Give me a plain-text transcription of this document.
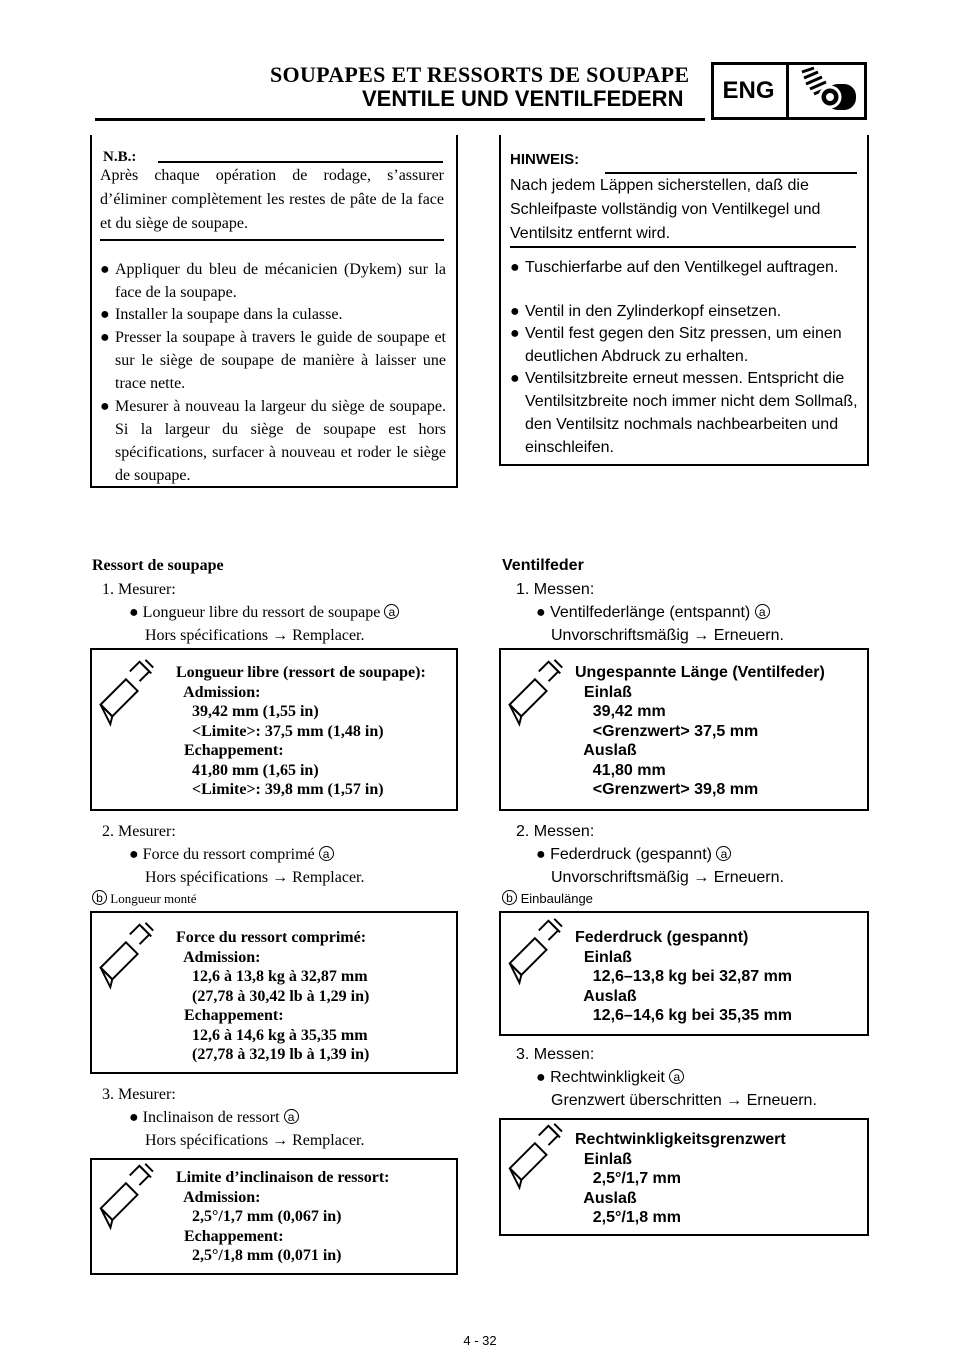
SOUPAPES ET RESSORTS DE SOUPAPE
VENTILE UND VENTILFEDERN	ENG
N.B.:
Après chaque opération de rodage, s’assurer d’éliminer complètement les restes de pâte de la face et du siège de soupape.
● Appliquer du bleu de mécanicien (Dykem) sur la face de la soupape.
● Installer la soupape dans la culasse.
● Presser la soupape à travers le guide de soupape et sur le siège de soupape de manière à laisser une trace nette.
● Mesurer à nouveau la largeur du siège de soupape. Si la largeur du siège de soupape est hors spécifications, surfacer à nouveau et roder le siège de soupape.
HINWEIS:
Nach jedem Läppen sicherstellen, daß die Schleifpaste vollständig von Ventilkegel und Ventilsitz entfernt wird.
● Tuschierfarbe auf den Ventilkegel auftragen.
● Ventil in den Zylinderkopf einsetzen.
● Ventil fest gegen den Sitz pressen, um einen deutlichen Abdruck zu erhalten.
● Ventilsitzbreite erneut messen. Entspricht die Ventilsitzbreite noch immer nicht dem Sollmaß, den Ventilsitz nochmals nachbearbeiten und einschleifen.
Ressort de soupape
1. Mesurer:
● Longueur libre du ressort de soupape a
Hors spécifications → Remplacer.
Longueur libre (ressort de soupape):
Admission:
39,42 mm (1,55 in)
<Limite>: 37,5 mm (1,48 in)
Echappement:
41,80 mm (1,65 in)
<Limite>: 39,8 mm (1,57 in)
2. Mesurer:
● Force du ressort comprimé a
Hors spécifications → Remplacer.
b Longueur monté
Force du ressort comprimé:
Admission:
12,6 à 13,8 kg à 32,87 mm
(27,78 à 30,42 lb à 1,29 in)
Echappement:
12,6 à 14,6 kg à 35,35 mm
(27,78 à 32,19 lb à 1,39 in)
3. Mesurer:
● Inclinaison de ressort a
Hors spécifications → Remplacer.
Limite d’inclinaison de ressort:
Admission:
2,5°/1,7 mm (0,067 in)
Echappement:
2,5°/1,8 mm (0,071 in)
Ventilfeder
1. Messen:
● Ventilfederlänge (entspannt) a
Unvorschriftsmäßig → Erneuern.
Ungespannte Länge (Ventilfeder)
Einlaß
39,42 mm
<Grenzwert> 37,5 mm
Auslaß
41,80 mm
<Grenzwert> 39,8 mm
2. Messen:
● Federdruck (gespannt) a
Unvorschriftsmäßig → Erneuern.
b Einbaulänge
Federdruck (gespannt)
Einlaß
12,6–13,8 kg bei 32,87 mm
Auslaß
12,6–14,6 kg bei 35,35 mm
3. Messen:
● Rechtwinkligkeit a
Grenzwert überschritten → Erneuern.
Rechtwinkligkeitsgrenzwert
Einlaß
2,5°/1,7 mm
Auslaß
2,5°/1,8 mm
4 - 32
